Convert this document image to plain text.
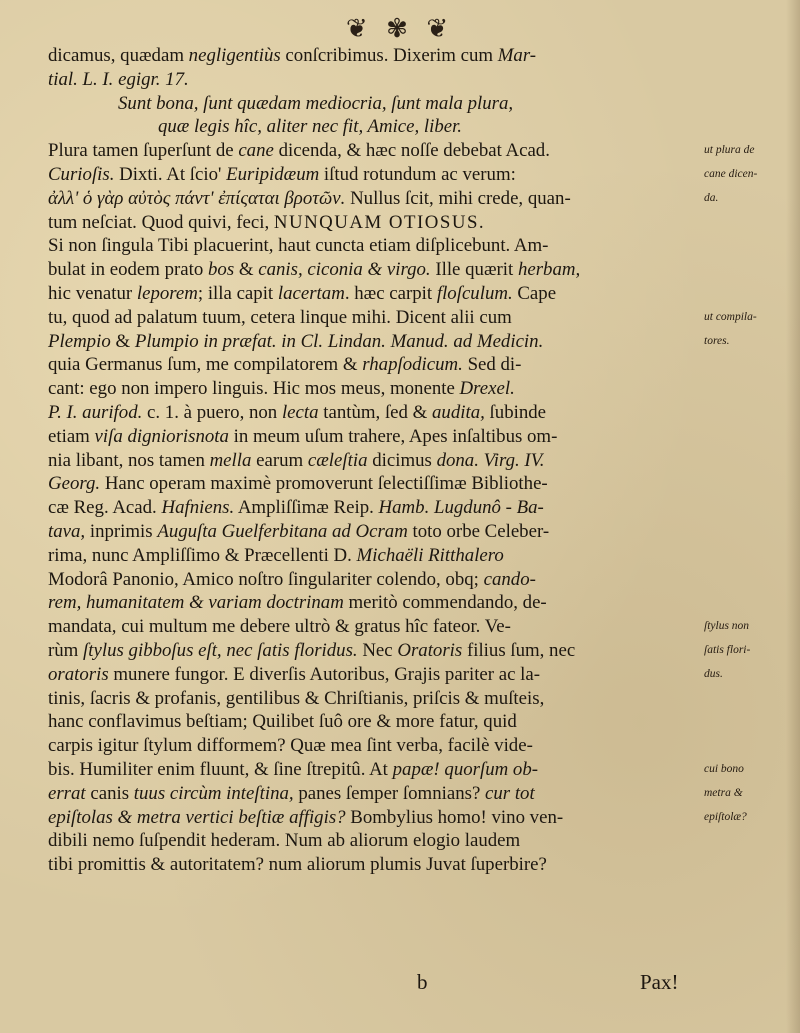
❦ ✾ ❦
dicamus, quædam negligentiùs conſcribimus. Dixerim cum Mar-
tial. L. I. egigr. 17.
Sunt bona, ſunt quædam mediocria, ſunt mala plura,
quæ legis hîc, aliter nec fit, Amice, liber.
Plura tamen ſuperſunt de cane dicenda, & hæc noſſe debebat Acad.
Curioſis. Dixti. At ſcio' Euripidæum iſtud rotundum ac verum:
ἀλλ' ὁ γὰρ αὐτὸς πάντ' ἐπίςαται βροτῶν. Nullus ſcit, mihi crede, quan-
tum neſciat. Quod quivi, feci, NUNQUAM OTIOSUS.
Si non ſingula Tibi placuerint, haut cuncta etiam diſplicebunt. Am-
bulat in eodem prato bos & canis, ciconia & virgo. Ille quærit herbam,
hic venatur leporem; illa capit lacertam. hæc carpit floſculum. Cape
tu, quod ad palatum tuum, cetera linque mihi. Dicent alii cum
Plempio & Plumpio in præfat. in Cl. Lindan. Manud. ad Medicin.
quia Germanus ſum, me compilatorem & rhapſodicum. Sed di-
cant: ego non impero linguis. Hic mos meus, monente Drexel.
P. I. aurifod. c. 1. à puero, non lecta tantùm, ſed & audita, ſubinde
etiam viſa digniorisnota in meum uſum trahere, Apes inſaltibus om-
nia libant, nos tamen mella earum cæleſtia dicimus dona. Virg. IV.
Georg. Hanc operam maximè promoverunt ſelectiſſimæ Bibliothe-
cæ Reg. Acad. Hafniens. Ampliſſimæ Reip. Hamb. Lugdunô - Ba-
tava, inprimis Auguſta Guelferbitana ad Ocram toto orbe Celeber-
rima, nunc Ampliſſimo & Præcellenti D. Michaëli Ritthalero
Modorâ Panonio, Amico noſtro ſingulariter colendo, obq; cando-
rem, humanitatem & variam doctrinam meritò commendando, de-
mandata, cui multum me debere ultrò & gratus hîc fateor. Ve-
rùm ſtylus gibboſus eſt, nec ſatis floridus. Nec Oratoris filius ſum, nec
oratoris munere fungor. E diverſis Autoribus, Grajis pariter ac la-
tinis, ſacris & profanis, gentilibus & Chriſtianis, priſcis & muſteis,
hanc conflavimus beſtiam; Quilibet ſuô ore & more fatur, quid
carpis igitur ſtylum difformem? Quæ mea ſint verba, facilè vide-
bis. Humiliter enim fluunt, & ſine ſtrepitû. At papæ! quorſum ob-
errat canis tuus circùm inteſtina, panes ſemper ſomnians? cur tot
epiſtolas & metra vertici beſtiæ affigis? Bombylius homo! vino ven-
dibili nemo ſuſpendit hederam. Num ab aliorum elogio laudem
tibi promittis & autoritatem? num aliorum plumis Juvat ſuperbire?
ut plura de
cane dicen-
da.
ut compila-
tores.
ſtylus non
ſatis flori-
dus.
cui bono
metra &
epiſtolæ?
b	Pax!
